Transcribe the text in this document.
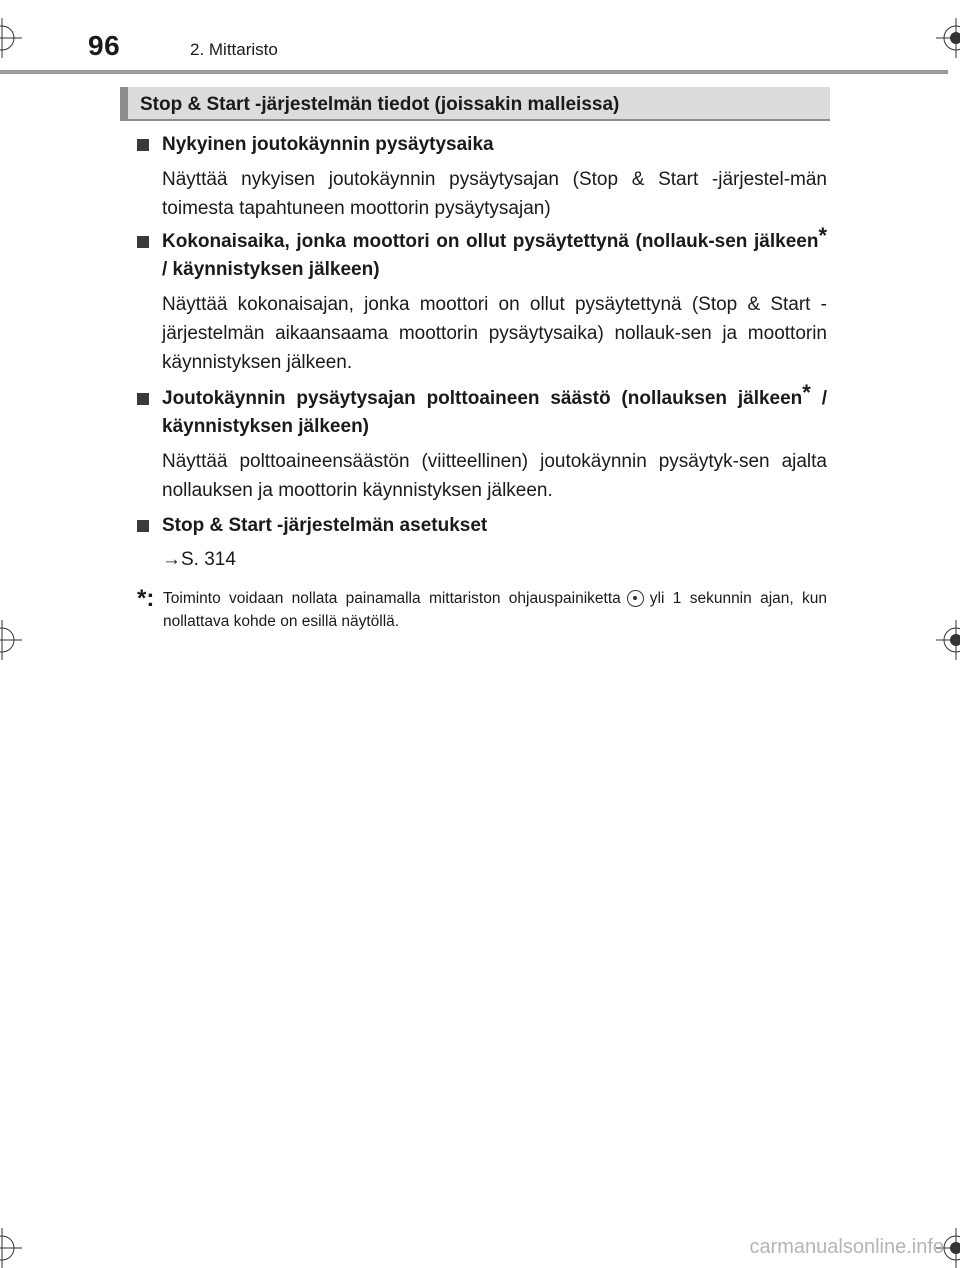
96	2. Mittaristo
Stop & Start -järjestelmän tiedot (joissakin malleissa)
Nykyinen joutokäynnin pysäytysaika
Näyttää nykyisen joutokäynnin pysäytysajan (Stop & Start -järjestel-män toimesta tapahtuneen moottorin pysäytysajan)
Kokonaisaika, jonka moottori on ollut pysäytettynä (nollauk-sen jälkeen* / käynnistyksen jälkeen)
Näyttää kokonaisajan, jonka moottori on ollut pysäytettynä (Stop & Start -järjestelmän aikaansaama moottorin pysäytysaika) nollauk-sen ja moottorin käynnistyksen jälkeen.
Joutokäynnin pysäytysajan polttoaineen säästö (nollauksen jälkeen* / käynnistyksen jälkeen)
Näyttää polttoaineensäästön (viitteellinen) joutokäynnin pysäytyk-sen ajalta nollauksen ja moottorin käynnistyksen jälkeen.
Stop & Start -järjestelmän asetukset
→S. 314
*: Toiminto voidaan nollata painamalla mittariston ohjauspainiketta yli 1 sekunnin ajan, kun nollattava kohde on esillä näytöllä.
carmanualsonline.info
